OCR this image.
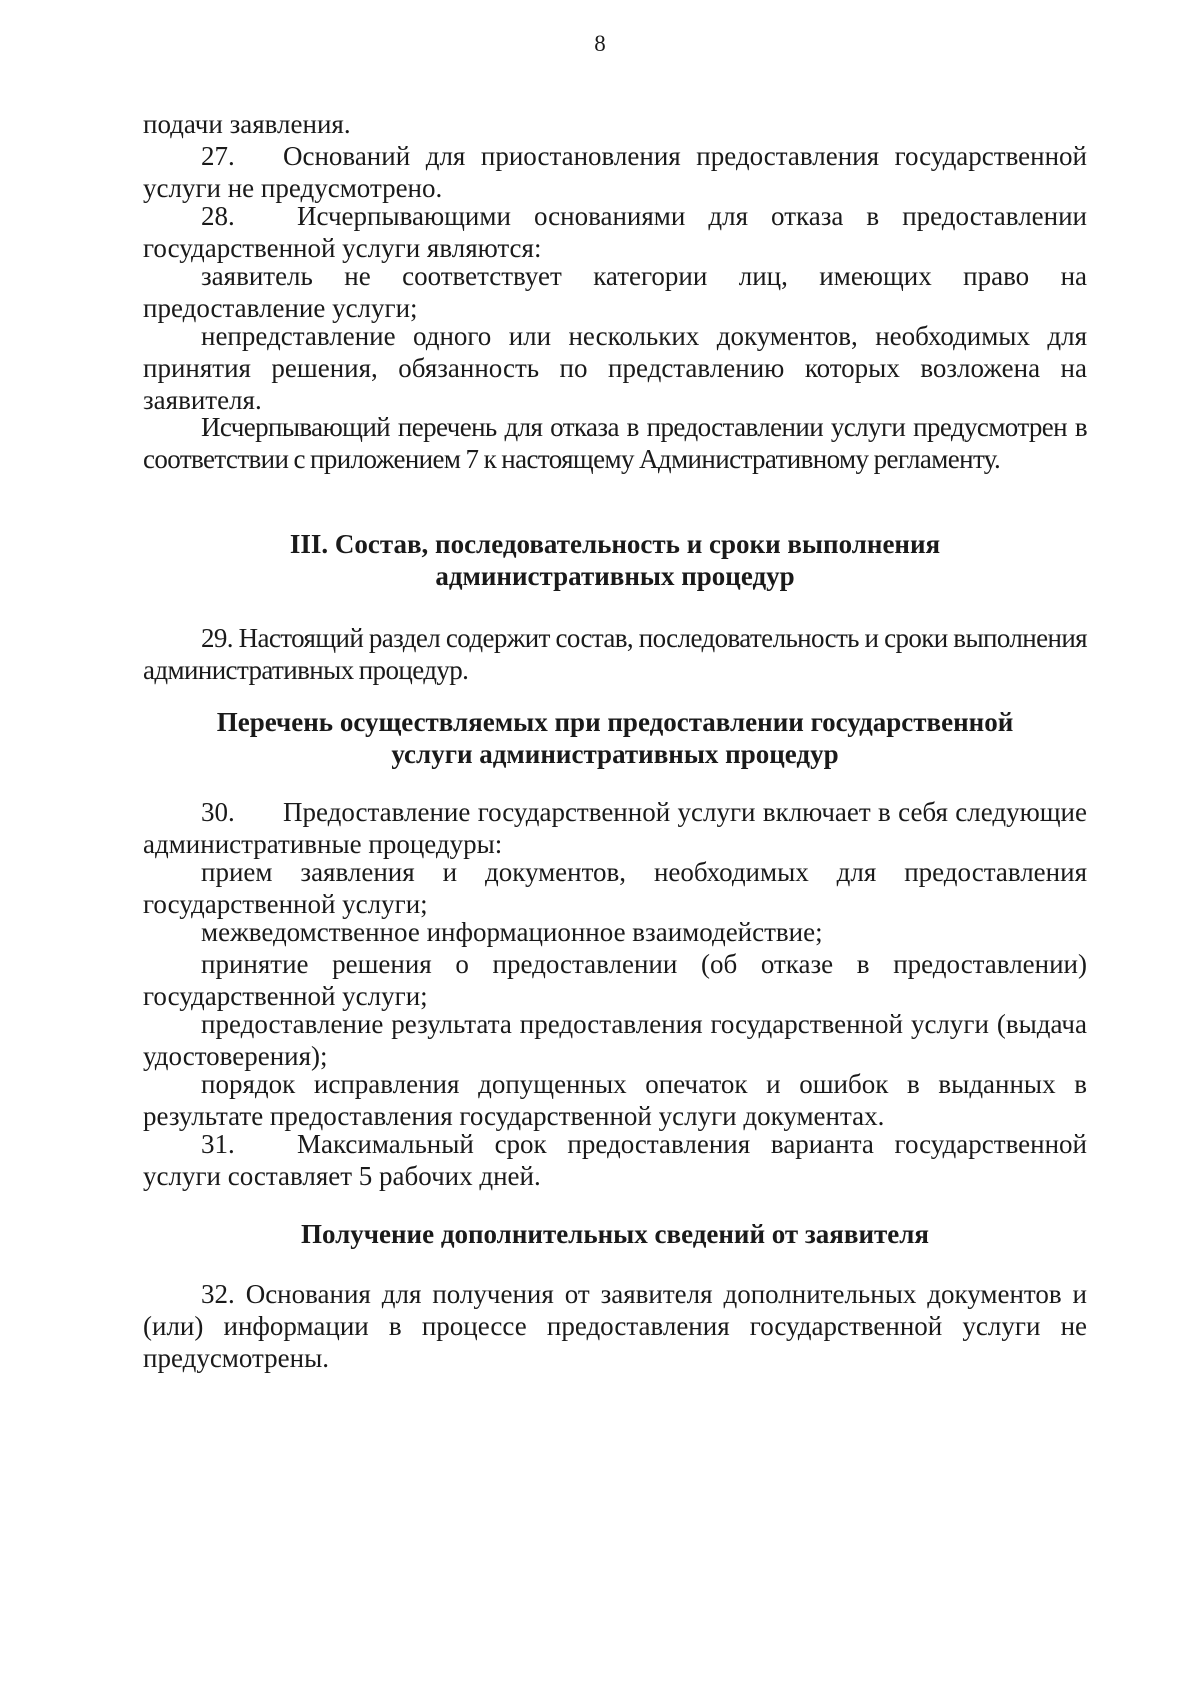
8

подачи заявления.

27. Оснований для приостановления предоставления государственной услуги не предусмотрено.

28. Исчерпывающими основаниями для отказа в предоставлении государственной услуги являются:

заявитель не соответствует категории лиц, имеющих право на предоставление услуги;

непредставление одного или нескольких документов, необходимых для принятия решения, обязанность по представлению которых возложена на заявителя.

Исчерпывающий перечень для отказа в предоставлении услуги предусмотрен в соответствии с приложением 7 к настоящему Административному регламенту.

III. Состав, последовательность и сроки выполнения
административных процедур

29. Настоящий раздел содержит состав, последовательность и сроки выполнения административных процедур.

Перечень осуществляемых при предоставлении государственной
услуги административных процедур

30. Предоставление государственной услуги включает в себя следующие административные процедуры:

прием заявления и документов, необходимых для предоставления государственной услуги;

межведомственное информационное взаимодействие;

принятие решения о предоставлении (об отказе в предоставлении) государственной услуги;

предоставление результата предоставления государственной услуги (выдача удостоверения);

порядок исправления допущенных опечаток и ошибок в выданных в результате предоставления государственной услуги документах.

31. Максимальный срок предоставления варианта государственной услуги составляет 5 рабочих дней.

Получение дополнительных сведений от заявителя

32. Основания для получения от заявителя дополнительных документов и (или) информации в процессе предоставления государственной услуги не предусмотрены.
